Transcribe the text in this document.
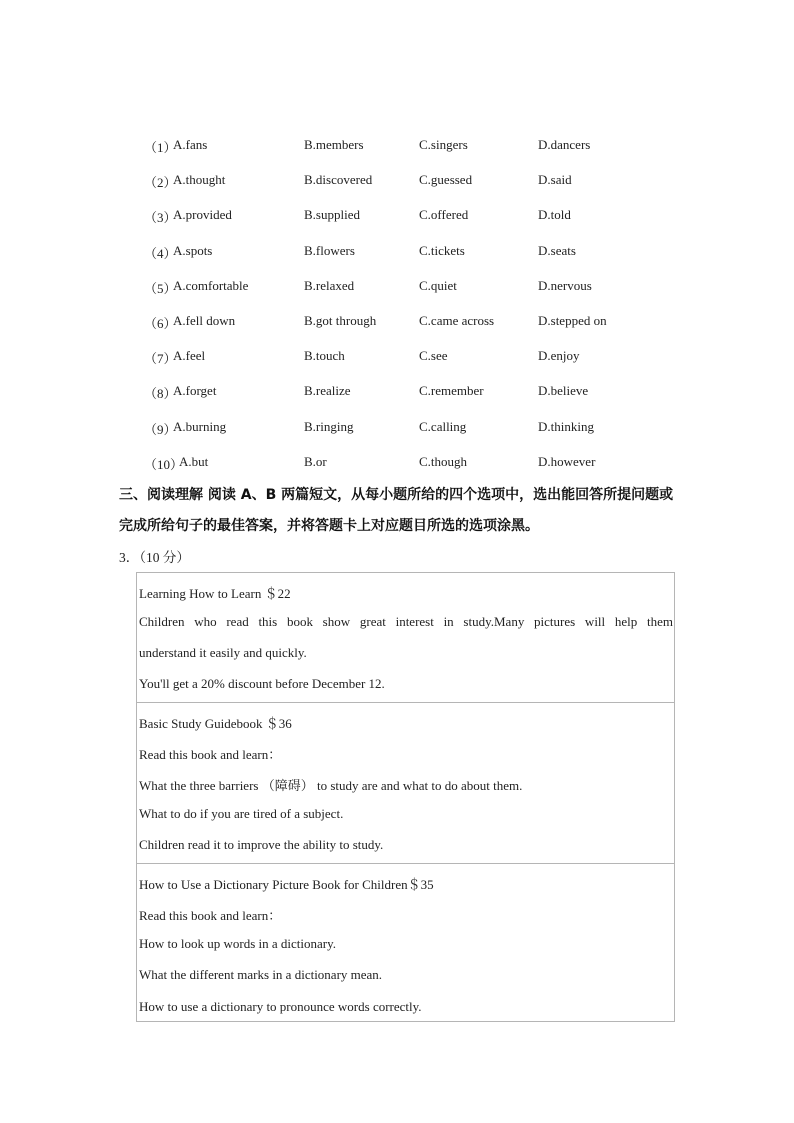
（1）
A.fans	B.members	C.singers	D.dancers
（2）
A.thought	B.discovered	C.guessed	D.said
（3）
A.provided	B.supplied	C.offered	D.told
（4）
A.spots	B.flowers	C.tickets	D.seats
（5）
A.comfortable	B.relaxed	C.quiet	D.nervous
（6）
A.fell down	B.got through	C.came across	D.stepped on
（7）
A.feel	B.touch	C.see	D.enjoy
（8）
A.forget	B.realize	C.remember	D.believe
（9）
A.burning	B.ringing	C.calling	D.thinking
（10）
A.but	B.or	C.though	D.however
三、阅读理解 阅读 A、B 两篇短文，从每小题所给的四个选项中，选出能回答所提问题或
完成所给句子的最佳答案，并将答题卡上对应题目所选的选项涂黑。
3．（10 分）
Learning How to Learn ＄22
Children who read this book show great interest in study.Many pictures will help them
understand it easily and quickly.
You'll get a 20% discount before December 12.
Basic Study Guidebook ＄36
Read this book and learn：
What the three barriers （障碍） to study are and what to do about them.
What to do if you are tired of a subject.
Children read it to improve the ability to study.
How to Use a Dictionary Picture Book for Children＄35
Read this book and learn：
How to look up words in a dictionary.
What the different marks in a dictionary mean.
How to use a dictionary to pronounce words correctly.
